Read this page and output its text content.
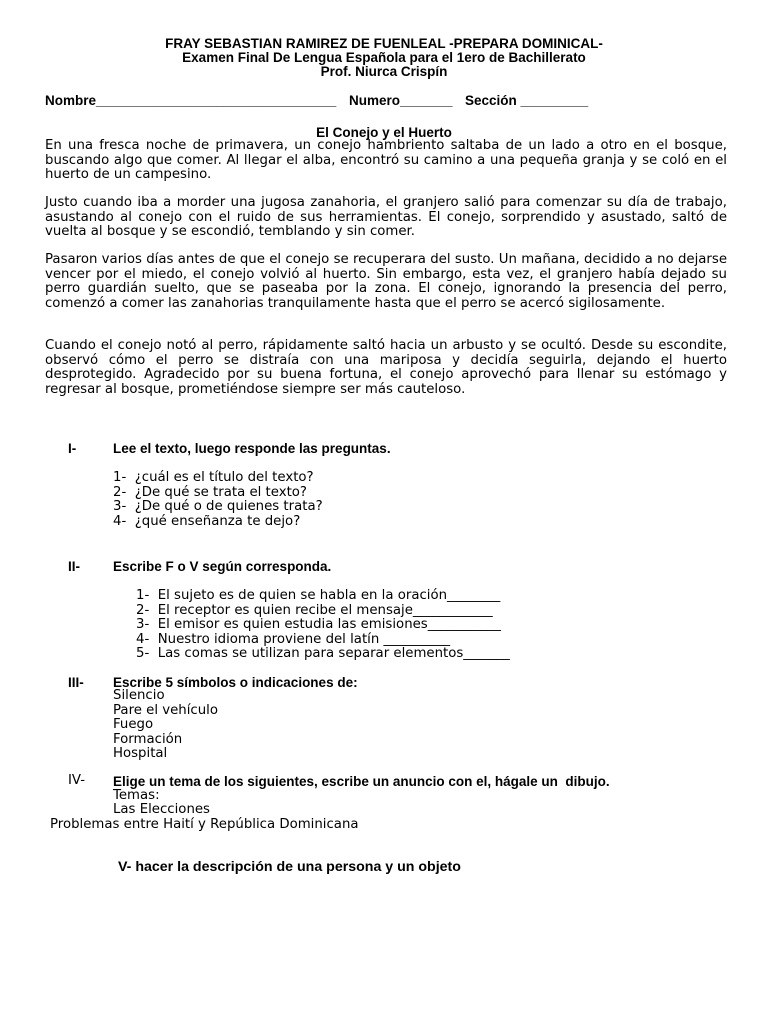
FRAY SEBASTIAN RAMIREZ DE FUENLEAL -PREPARA DOMINICAL-
Examen Final De Lengua Española para el 1ero de Bachillerato
Prof. Niurca Crispín
Nombre________________________________ Numero_______ Sección _________
El Conejo y el Huerto
En una fresca noche de primavera, un conejo hambriento saltaba de un lado a otro en el bosque, buscando algo que comer. Al llegar el alba, encontró su camino a una pequeña granja y se coló en el huerto de un campesino.
Justo cuando iba a morder una jugosa zanahoria, el granjero salió para comenzar su día de trabajo, asustando al conejo con el ruido de sus herramientas. El conejo, sorprendido y asustado, saltó de vuelta al bosque y se escondió, temblando y sin comer.
Pasaron varios días antes de que el conejo se recuperara del susto. Un mañana, decidido a no dejarse vencer por el miedo, el conejo volvió al huerto. Sin embargo, esta vez, el granjero había dejado su perro guardián suelto, que se paseaba por la zona. El conejo, ignorando la presencia del perro, comenzó a comer las zanahorias tranquilamente hasta que el perro se acercó sigilosamente.
Cuando el conejo notó al perro, rápidamente saltó hacia un arbusto y se ocultó. Desde su escondite, observó cómo el perro se distraía con una mariposa y decidía seguirla, dejando el huerto desprotegido. Agradecido por su buena fortuna, el conejo aprovechó para llenar su estómago y regresar al bosque, prometiéndose siempre ser más cauteloso.
I-	Lee el texto, luego responde las preguntas.
1-  ¿cuál es el título del texto?
2-  ¿De qué se trata el texto?
3-  ¿De qué o de quienes trata?
4-  ¿qué enseñanza te dejo?
II- Escribe F o V según corresponda.
1-  El sujeto es de quien se habla en la oración________
2-  El receptor es quien recibe el mensaje____________
3-  El emisor es quien estudia las emisiones___________
4-  Nuestro idioma proviene del latín __________
5-  Las comas se utilizan para separar elementos_______
III- Escribe 5 símbolos o indicaciones de:
Silencio
Pare el vehículo
Fuego
Formación
Hospital
IV- Elige un tema de los siguientes, escribe un anuncio con el, hágale un  dibujo.
Temas:
Las Elecciones
Problemas entre Haití y República Dominicana
V- hacer la descripción de una persona y un objeto
